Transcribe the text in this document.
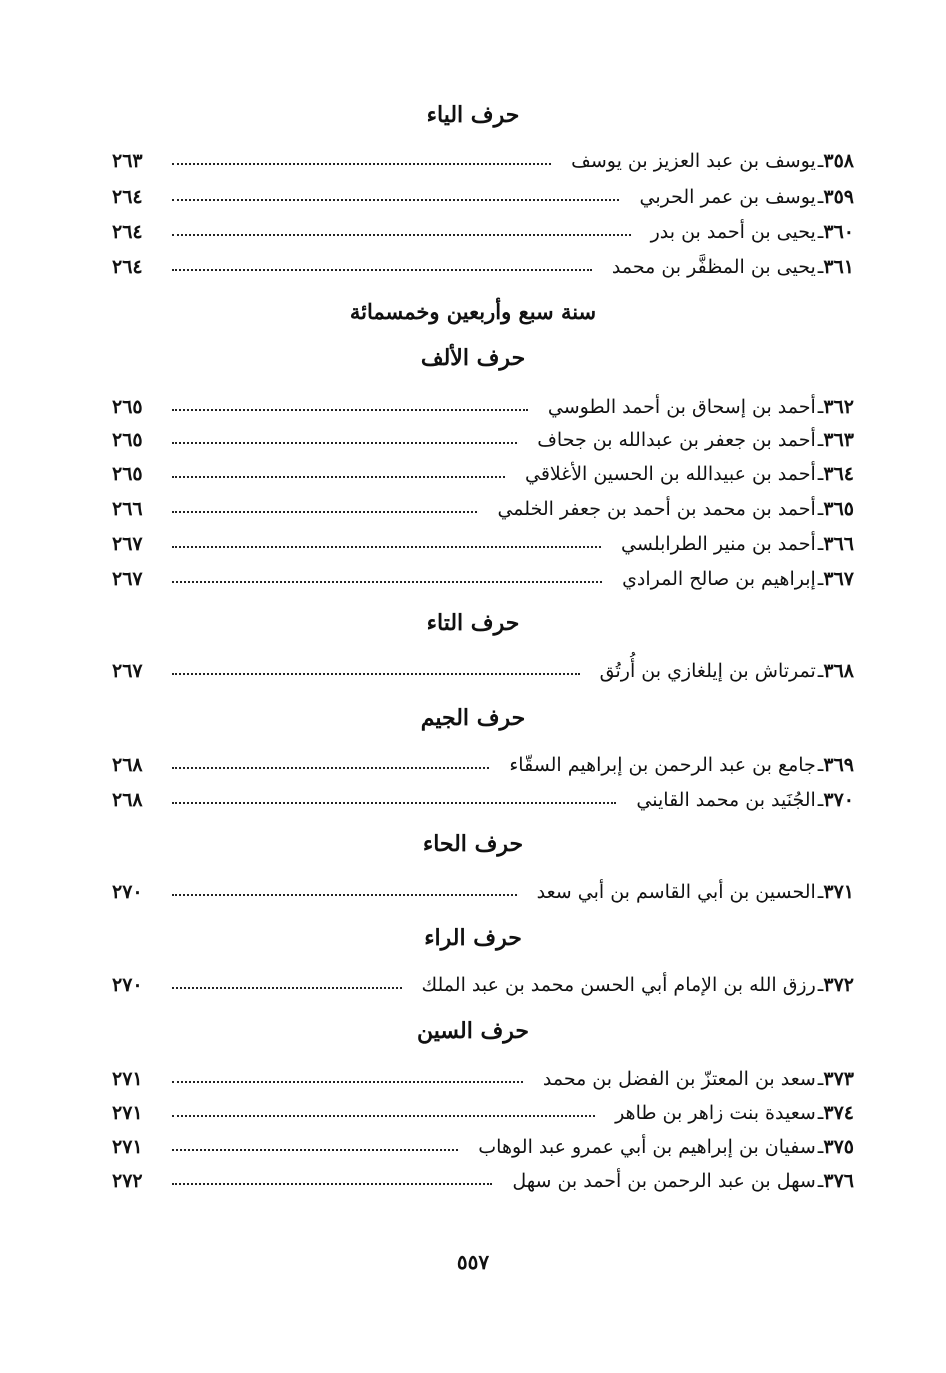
حرف الياء
٣٥٨
ـ
يوسف بن عبد العزيز بن يوسف
٢٦٣
٣٥٩
ـ
يوسف بن عمر الحربي
٢٦٤
٣٦٠
ـ
يحيى بن أحمد بن بدر
٢٦٤
٣٦١
ـ
يحيى بن المظفَّر بن محمد
٢٦٤
سنة سبع وأربعين وخمسمائة
حرف الألف
٣٦٢
ـ
أحمد بن إسحاق بن أحمد الطوسي
٢٦٥
٣٦٣
ـ
أحمد بن جعفر بن عبدالله بن جحاف
٢٦٥
٣٦٤
ـ
أحمد بن عبيدالله بن الحسين الأغلاقي
٢٦٥
٣٦٥
ـ
أحمد بن محمد بن أحمد بن جعفر الخلمي
٢٦٦
٣٦٦
ـ
أحمد بن منير الطرابلسي
٢٦٧
٣٦٧
ـ
إبراهيم بن صالح المرادي
٢٦٧
حرف التاء
٣٦٨
ـ
تمرتاش بن إيلغازي بن أُرتُق
٢٦٧
حرف الجيم
٣٦٩
ـ
جامع بن عبد الرحمن بن إبراهيم السقّاء
٢٦٨
٣٧٠
ـ
الجُنَيد بن محمد القايني
٢٦٨
حرف الحاء
٣٧١
ـ
الحسين بن أبي القاسم بن أبي سعد
٢٧٠
حرف الراء
٣٧٢
ـ
رزق الله بن الإمام أبي الحسن محمد بن عبد الملك
٢٧٠
حرف السين
٣٧٣
ـ
سعد بن المعتزّ بن الفضل بن محمد
٢٧١
٣٧٤
ـ
سعيدة بنت زاهر بن طاهر
٢٧١
٣٧٥
ـ
سفيان بن إبراهيم بن أبي عمرو عبد الوهاب
٢٧١
٣٧٦
ـ
سهل بن عبد الرحمن بن أحمد بن سهل
٢٧٢
٥٥٧
